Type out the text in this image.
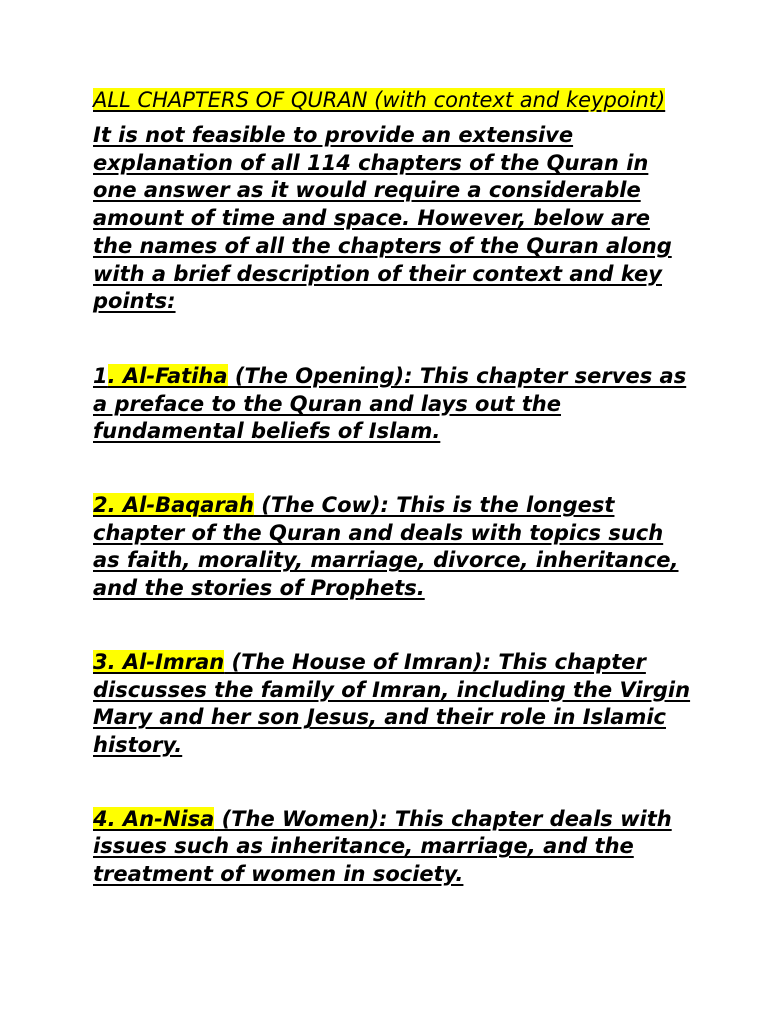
ALL CHAPTERS OF QURAN (with context and keypoint)

It is not feasible to provide an extensive explanation of all 114 chapters of the Quran in one answer as it would require a considerable amount of time and space. However, below are the names of all the chapters of the Quran along with a brief description of their context and key points:

1. Al-Fatiha (The Opening): This chapter serves as a preface to the Quran and lays out the fundamental beliefs of Islam.

2. Al-Baqarah (The Cow): This is the longest chapter of the Quran and deals with topics such as faith, morality, marriage, divorce, inheritance, and the stories of Prophets.

3. Al-Imran (The House of Imran): This chapter discusses the family of Imran, including the Virgin Mary and her son Jesus, and their role in Islamic history.

4. An-Nisa (The Women): This chapter deals with issues such as inheritance, marriage, and the treatment of women in society.
